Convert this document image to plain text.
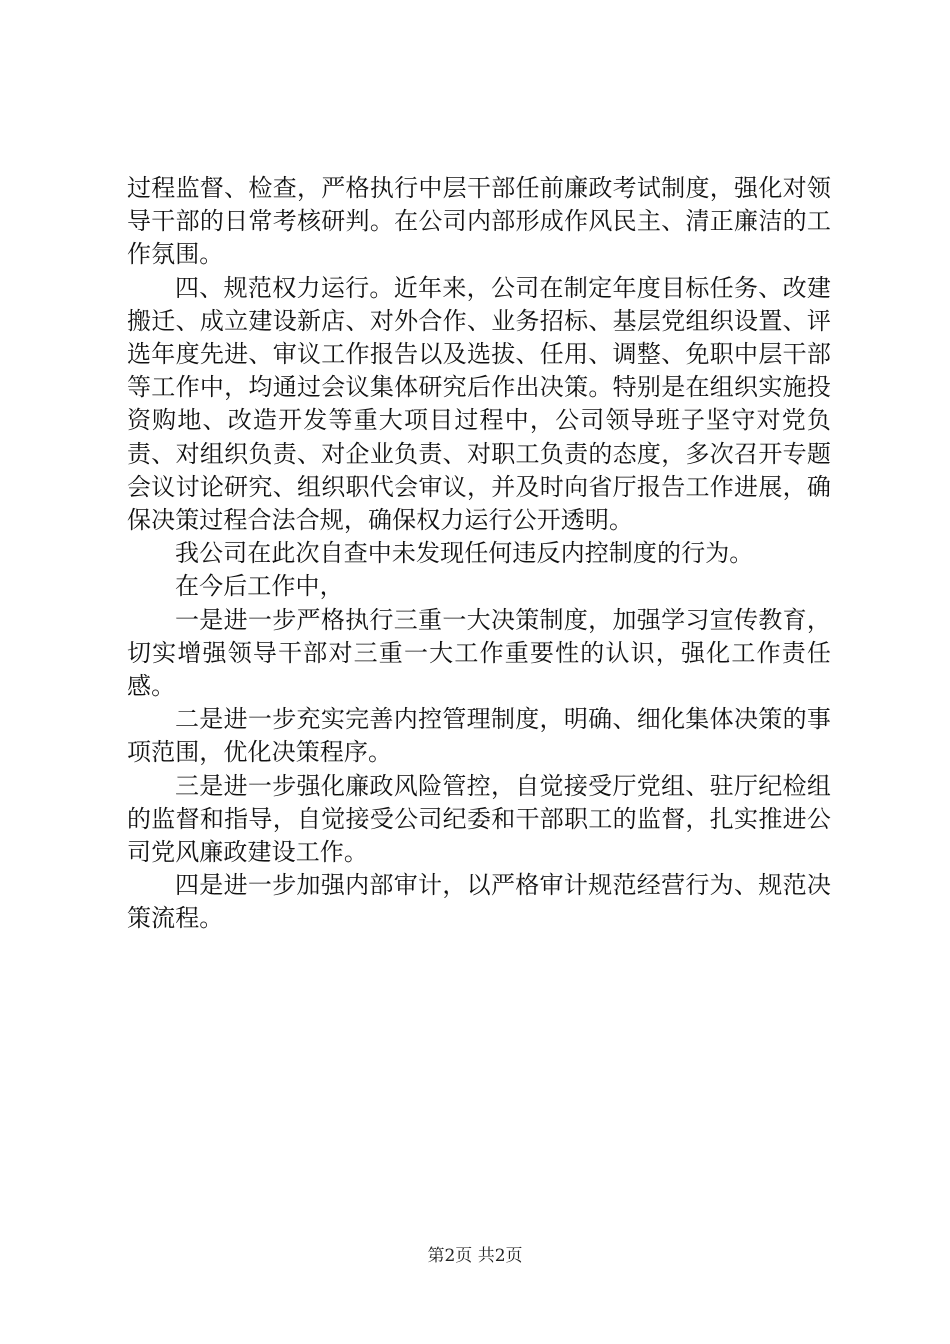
过程监督、检查，严格执行中层干部任前廉政考试制度，强化对领导干部的日常考核研判。在公司内部形成作风民主、清正廉洁的工作氛围。

四、规范权力运行。近年来，公司在制定年度目标任务、改建搬迁、成立建设新店、对外合作、业务招标、基层党组织设置、评选年度先进、审议工作报告以及选拔、任用、调整、免职中层干部等工作中，均通过会议集体研究后作出决策。特别是在组织实施投资购地、改造开发等重大项目过程中，公司领导班子坚守对党负责、对组织负责、对企业负责、对职工负责的态度，多次召开专题会议讨论研究、组织职代会审议，并及时向省厅报告工作进展，确保决策过程合法合规，确保权力运行公开透明。

我公司在此次自查中未发现任何违反内控制度的行为。

在今后工作中，

一是进一步严格执行三重一大决策制度，加强学习宣传教育，切实增强领导干部对三重一大工作重要性的认识，强化工作责任感。

二是进一步充实完善内控管理制度，明确、细化集体决策的事项范围，优化决策程序。

三是进一步强化廉政风险管控，自觉接受厅党组、驻厅纪检组的监督和指导，自觉接受公司纪委和干部职工的监督，扎实推进公司党风廉政建设工作。

四是进一步加强内部审计，以严格审计规范经营行为、规范决策流程。

第2页 共2页
